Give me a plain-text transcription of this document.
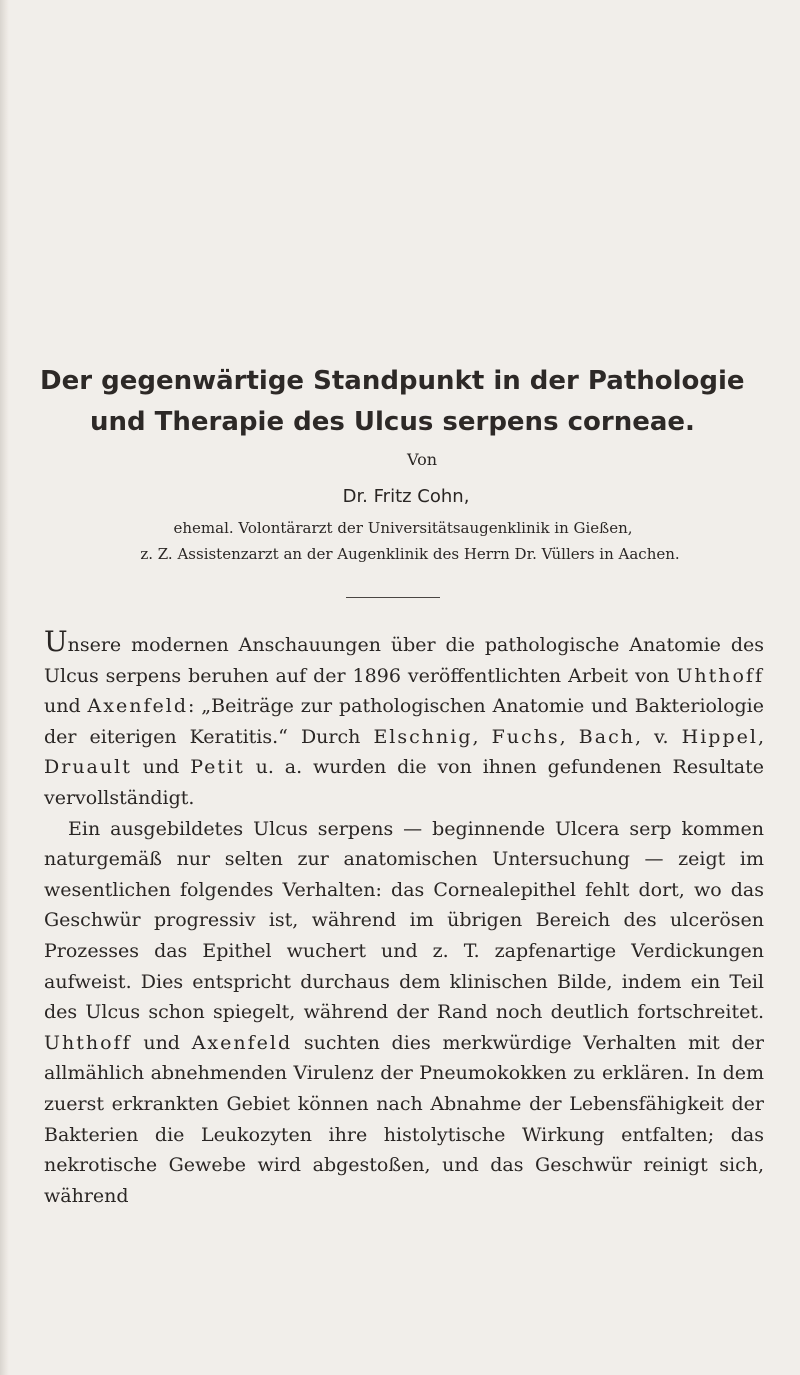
Der gegenwärtige Standpunkt in der Pathologie
und Therapie des Ulcus serpens corneae.
Von
Dr. Fritz Cohn,
ehemal. Volontärarzt der Universitätsaugenklinik in Gießen,
z. Z. Assistenzarzt an der Augenklinik des Herrn Dr. Vüllers in Aachen.

Unsere modernen Anschauungen über die pathologische Anatomie des Ulcus serpens beruhen auf der 1896 veröffentlichten Arbeit von Uhthoff und Axenfeld: „Beiträge zur pathologischen Anatomie und Bakteriologie der eiterigen Keratitis.“ Durch Elschnig, Fuchs, Bach, v. Hippel, Druault und Petit u. a. wurden die von ihnen gefundenen Resultate vervollständigt.

Ein ausgebildetes Ulcus serpens — beginnende Ulcera serp kommen naturgemäß nur selten zur anatomischen Untersuchung — zeigt im wesentlichen folgendes Verhalten: das Cornealepithel fehlt dort, wo das Geschwür progressiv ist, während im übrigen Bereich des ulcerösen Prozesses das Epithel wuchert und z. T. zapfenartige Verdickungen aufweist. Dies entspricht durchaus dem klinischen Bilde, indem ein Teil des Ulcus schon spiegelt, während der Rand noch deutlich fortschreitet. Uhthoff und Axenfeld suchten dies merkwürdige Verhalten mit der allmählich abnehmenden Virulenz der Pneumokokken zu erklären. In dem zuerst erkrankten Gebiet können nach Abnahme der Lebensfähigkeit der Bakterien die Leukozyten ihre histolytische Wirkung entfalten; das nekrotische Gewebe wird abgestoßen, und das Geschwür reinigt sich, während
